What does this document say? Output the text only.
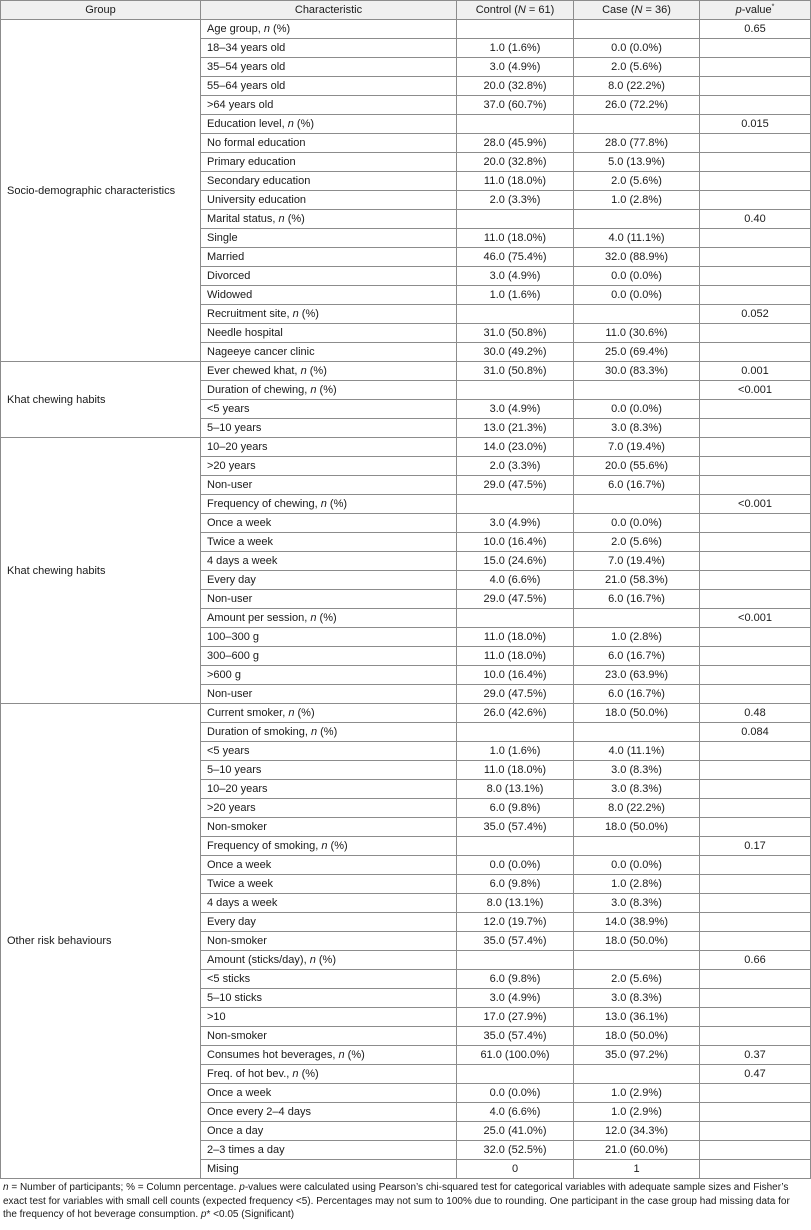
Group	Characteristic	Control (N = 61)	Case (N = 36)	p-value*
Socio-demographic characteristics	Age group, n (%)			0.65
	18–34 years old	1.0 (1.6%)	0.0 (0.0%)	
	35–54 years old	3.0 (4.9%)	2.0 (5.6%)	
	55–64 years old	20.0 (32.8%)	8.0 (22.2%)	
	>64 years old	37.0 (60.7%)	26.0 (72.2%)	
	Education level, n (%)			0.015
	No formal education	28.0 (45.9%)	28.0 (77.8%)	
	Primary education	20.0 (32.8%)	5.0 (13.9%)	
	Secondary education	11.0 (18.0%)	2.0 (5.6%)	
	University education	2.0 (3.3%)	1.0 (2.8%)	
	Marital status, n (%)			0.40
	Single	11.0 (18.0%)	4.0 (11.1%)	
	Married	46.0 (75.4%)	32.0 (88.9%)	
	Divorced	3.0 (4.9%)	0.0 (0.0%)	
	Widowed	1.0 (1.6%)	0.0 (0.0%)	
	Recruitment site, n (%)			0.052
	Needle hospital	31.0 (50.8%)	11.0 (30.6%)	
	Nageeye cancer clinic	30.0 (49.2%)	25.0 (69.4%)	
Khat chewing habits	Ever chewed khat, n (%)	31.0 (50.8%)	30.0 (83.3%)	0.001
	Duration of chewing, n (%)			<0.001
	<5 years	3.0 (4.9%)	0.0 (0.0%)	
	5–10 years	13.0 (21.3%)	3.0 (8.3%)	
Khat chewing habits	10–20 years	14.0 (23.0%)	7.0 (19.4%)	
	>20 years	2.0 (3.3%)	20.0 (55.6%)	
	Non-user	29.0 (47.5%)	6.0 (16.7%)	
	Frequency of chewing, n (%)			<0.001
	Once a week	3.0 (4.9%)	0.0 (0.0%)	
	Twice a week	10.0 (16.4%)	2.0 (5.6%)	
	4 days a week	15.0 (24.6%)	7.0 (19.4%)	
	Every day	4.0 (6.6%)	21.0 (58.3%)	
	Non-user	29.0 (47.5%)	6.0 (16.7%)	
	Amount per session, n (%)			<0.001
	100–300 g	11.0 (18.0%)	1.0 (2.8%)	
	300–600 g	11.0 (18.0%)	6.0 (16.7%)	
	>600 g	10.0 (16.4%)	23.0 (63.9%)	
	Non-user	29.0 (47.5%)	6.0 (16.7%)	
Other risk behaviours	Current smoker, n (%)	26.0 (42.6%)	18.0 (50.0%)	0.48
	Duration of smoking, n (%)			0.084
	<5 years	1.0 (1.6%)	4.0 (11.1%)	
	5–10 years	11.0 (18.0%)	3.0 (8.3%)	
	10–20 years	8.0 (13.1%)	3.0 (8.3%)	
	>20 years	6.0 (9.8%)	8.0 (22.2%)	
	Non-smoker	35.0 (57.4%)	18.0 (50.0%)	
	Frequency of smoking, n (%)			0.17
	Once a week	0.0 (0.0%)	0.0 (0.0%)	
	Twice a week	6.0 (9.8%)	1.0 (2.8%)	
	4 days a week	8.0 (13.1%)	3.0 (8.3%)	
	Every day	12.0 (19.7%)	14.0 (38.9%)	
	Non-smoker	35.0 (57.4%)	18.0 (50.0%)	
	Amount (sticks/day), n (%)			0.66
	<5 sticks	6.0 (9.8%)	2.0 (5.6%)	
	5–10 sticks	3.0 (4.9%)	3.0 (8.3%)	
	>10	17.0 (27.9%)	13.0 (36.1%)	
	Non-smoker	35.0 (57.4%)	18.0 (50.0%)	
	Consumes hot beverages, n (%)	61.0 (100.0%)	35.0 (97.2%)	0.37
	Freq. of hot bev., n (%)			0.47
	Once a week	0.0 (0.0%)	1.0 (2.9%)	
	Once every 2–4 days	4.0 (6.6%)	1.0 (2.9%)	
	Once a day	25.0 (41.0%)	12.0 (34.3%)	
	2–3 times a day	32.0 (52.5%)	21.0 (60.0%)	
	Mising	0	1	
n = Number of participants; % = Column percentage. p-values were calculated using Pearson’s chi-squared test for categorical variables with adequate sample sizes and Fisher’s exact test for variables with small cell counts (expected frequency <5). Percentages may not sum to 100% due to rounding. One participant in the case group had missing data for the frequency of hot beverage consumption. p* <0.05 (Significant)
